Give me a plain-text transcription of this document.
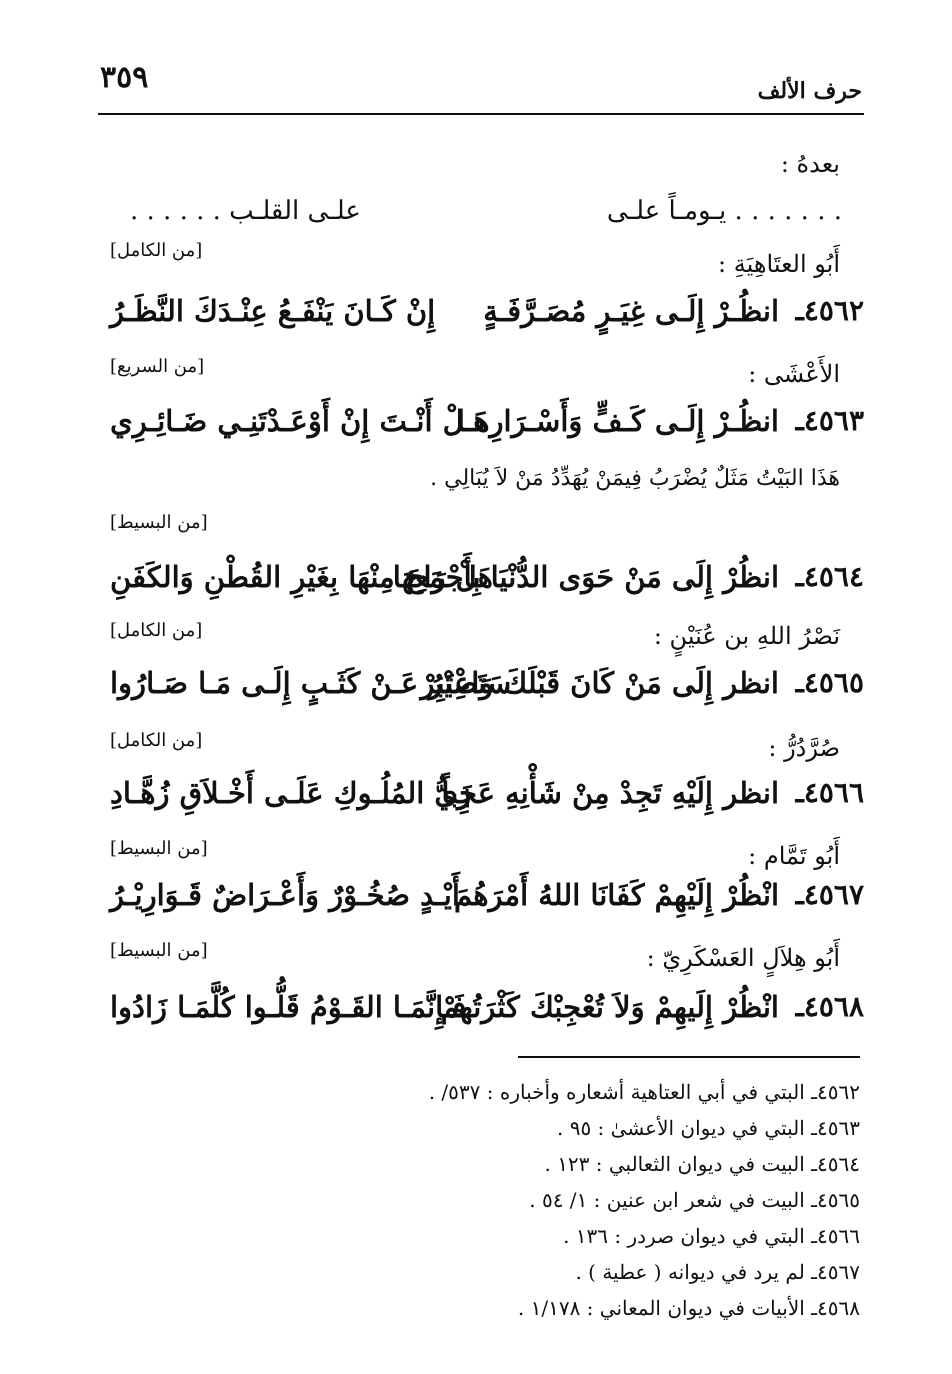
٣٥٩	حرف الألف
بعدهُ :
. . . . . . . يـومـاً علـى
علـى القلـب . . . . . .
[من الكامل]	أَبُو العتَاهِيَةِ :
٤٥٦٢ـ
انظُـرْ إِلَـى غِيَـرٍ مُصَـرَّفَـةٍ
إِنْ كَـانَ يَنْفَـعُ عِنْـدَكَ النَّظَـرُ
[من السريع]	الأَعْشَى :
٤٥٦٣ـ
انظُـرْ إِلَـى كَـفٍّ وَأَسْـرَارِهَـا
هَـلْ أَنْـتَ إِنْ أَوْعَـدْتَنِـي ضَـائِـرِي
هَذَا البَيْتُ مَثَلٌ يُضْرَبُ فِيمَنْ يُهَدِّدُ مَنْ لاَ يُبَالِي .
[من البسيط]
٤٥٦٤ـ
انظُرْ إِلَى مَنْ حَوَى الدُّنْيَا بِأَجْمَعِهَا
هَلْ رَاحَ مِنْهَا بِغَيْرِ القُطْنِ وَالكَفَنِ
[من الكامل]	نَصْرُ اللهِ بن عُنَيْنٍ :
٤٥٦٥ـ
انظر إِلَى مَنْ كَانَ قَبْلَكَ وَاعْتَبِرْ
سَتَصِيْرُ عَـنْ كَثَـبٍ إِلَـى مَـا صَـارُوا
[من الكامل]	صُرَّدُرُّ :
٤٥٦٦ـ
انظر إِلَيْهِ تَجِدْ مِنْ شَأْنِهِ عَجَباً
زِيُّ المُلُـوكِ عَلَـى أَخْـلاَقِ زُهَّـادِ
[من البسيط]	أَبُو تَمَّام :
٤٥٦٧ـ
انْظُرْ إِلَيْهِمْ كَفَانَا اللهُ أَمْرَهُمَ
أَيْـدٍ صُخُـوْرٌ وَأَعْـرَاضٌ قَـوَارِيْـرُ
[من البسيط]	أَبُو هِلاَلٍ العَسْكَرِيّ :
٤٥٦٨ـ
انْظُرْ إِلَيهِمْ وَلاَ تُعْجِبْكَ كَثْرَتُهمْ
فَـإِنَّمَـا القَـوْمُ قَلُّـوا كُلَّمَـا زَادُوا
٤٥٦٢ـ البتي في أبي العتاهية أشعاره وأخباره : ٥٣٧/ .
٤٥٦٣ـ البتي في ديوان الأعشىٰ : ٩٥ .
٤٥٦٤ـ البيت في ديوان الثعالبي : ١٢٣ .
٤٥٦٥ـ البيت في شعر ابن عنين : ١/ ٥٤ .
٤٥٦٦ـ البتي في ديوان صردر : ١٣٦ .
٤٥٦٧ـ لم يرد في ديوانه ( عطية ) .
٤٥٦٨ـ الأبيات في ديوان المعاني : ١/١٧٨ .
